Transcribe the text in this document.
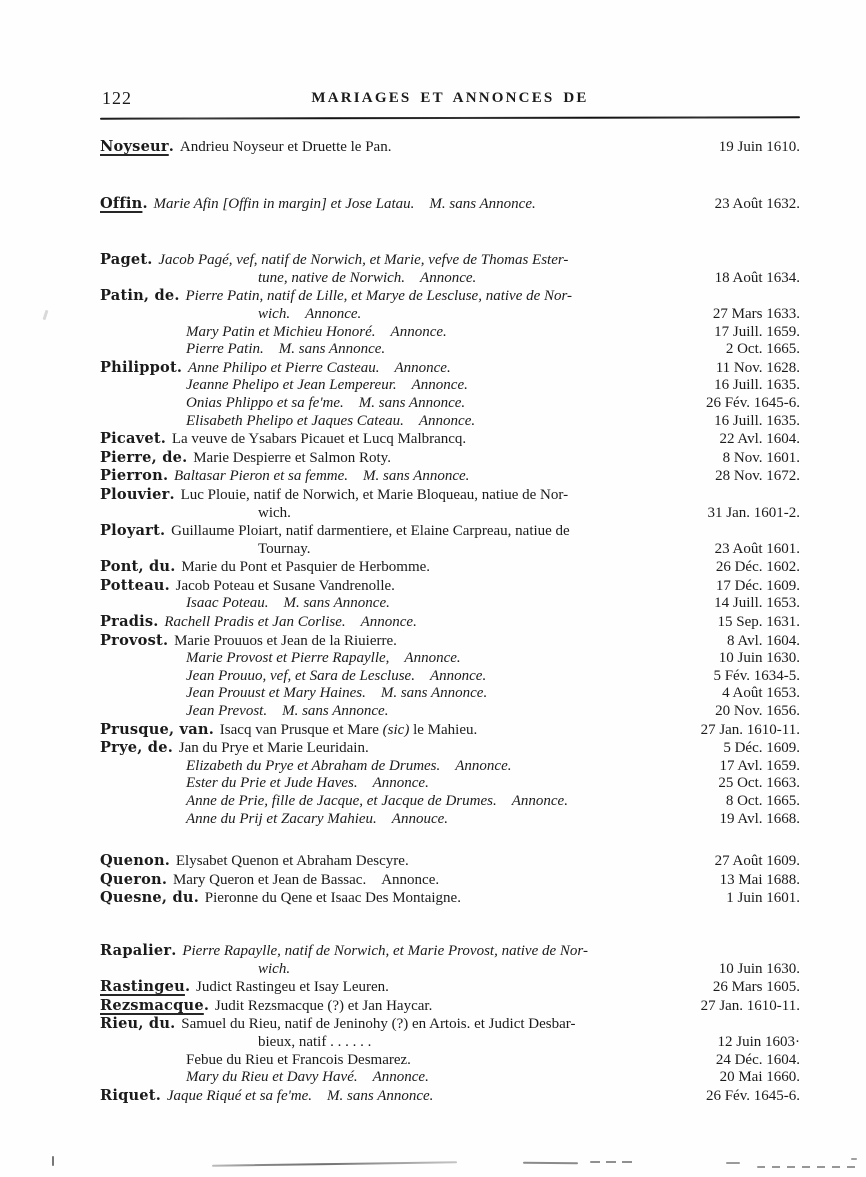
122	MARIAGES ET ANNONCES DE
Noyseur. Andrieu Noyseur et Druette le Pan.	19 Juin 1610.
Offin. Marie Afin [Offin in margin] et Jose Latau. M. sans Annonce.	23 Août 1632.
Paget. Jacob Pagé, vef, natif de Norwich, et Marie, vefve de Thomas Ester-
tune, native de Norwich. Annonce.	18 Août 1634.
Patin, de. Pierre Patin, natif de Lille, et Marye de Lescluse, native de Nor-
wich. Annonce.	27 Mars 1633.
Mary Patin et Michieu Honoré. Annonce.	17 Juill. 1659.
Pierre Patin. M. sans Annonce.	2 Oct. 1665.
Philippot. Anne Philipo et Pierre Casteau. Annonce.	11 Nov. 1628.
Jeanne Phelipo et Jean Lempereur. Annonce.	16 Juill. 1635.
Onias Phlippo et sa fe'me. M. sans Annonce.	26 Fév. 1645-6.
Elisabeth Phelipo et Jaques Cateau. Annonce.	16 Juill. 1635.
Picavet. La veuve de Ysabars Picauet et Lucq Malbrancq.	22 Avl. 1604.
Pierre, de. Marie Despierre et Salmon Roty.	8 Nov. 1601.
Pierron. Baltasar Pieron et sa femme. M. sans Annonce.	28 Nov. 1672.
Plouvier. Luc Plouie, natif de Norwich, et Marie Bloqueau, natiue de Nor-
wich.	31 Jan. 1601-2.
Ployart. Guillaume Ploiart, natif darmentiere, et Elaine Carpreau, natiue de
Tournay.	23 Août 1601.
Pont, du. Marie du Pont et Pasquier de Herbomme.	26 Déc. 1602.
Potteau. Jacob Poteau et Susane Vandrenolle.	17 Déc. 1609.
Isaac Poteau. M. sans Annonce.	14 Juill. 1653.
Pradis. Rachell Pradis et Jan Corlise. Annonce.	15 Sep. 1631.
Provost. Marie Prouuos et Jean de la Riuierre.	8 Avl. 1604.
Marie Provost et Pierre Rapaylle, Annonce.	10 Juin 1630.
Jean Prouuo, vef, et Sara de Lescluse. Annonce.	5 Fév. 1634-5.
Jean Prouust et Mary Haines. M. sans Annonce.	4 Août 1653.
Jean Prevost. M. sans Annonce.	20 Nov. 1656.
Prusque, van. Isacq van Prusque et Mare (sic) le Mahieu.	27 Jan. 1610-11.
Prye, de. Jan du Prye et Marie Leuridain.	5 Déc. 1609.
Elizabeth du Prye et Abraham de Drumes. Annonce.	17 Avl. 1659.
Ester du Prie et Jude Haves. Annonce.	25 Oct. 1663.
Anne de Prie, fille de Jacque, et Jacque de Drumes. Annonce.	8 Oct. 1665.
Anne du Prij et Zacary Mahieu. Annouce.	19 Avl. 1668.
Quenon. Elysabet Quenon et Abraham Descyre.	27 Août 1609.
Queron. Mary Queron et Jean de Bassac. Annonce.	13 Mai 1688.
Quesne, du. Pieronne du Qene et Isaac Des Montaigne.	1 Juin 1601.
Rapalier. Pierre Rapaylle, natif de Norwich, et Marie Provost, native de Nor-
wich.	10 Juin 1630.
Rastingeu. Judict Rastingeu et Isay Leuren.	26 Mars 1605.
Rezsmacque. Judit Rezsmacque (?) et Jan Haycar.	27 Jan. 1610-11.
Rieu, du. Samuel du Rieu, natif de Jeninohy (?) en Artois. et Judict Desbar-
bieux, natif . . . . . .	12 Juin 1603·
Febue du Rieu et Francois Desmarez.	24 Déc. 1604.
Mary du Rieu et Davy Havé. Annonce.	20 Mai 1660.
Riquet. Jaque Riqué et sa fe'me. M. sans Annonce.	26 Fév. 1645-6.
